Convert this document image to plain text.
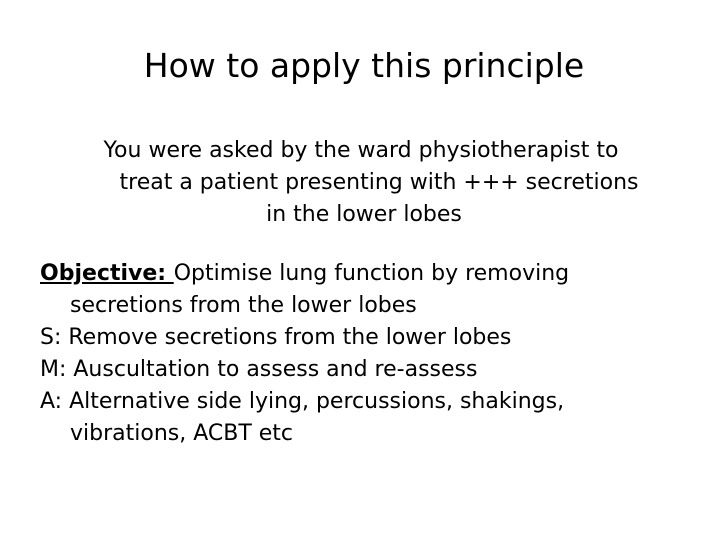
How to apply this principle
You were asked by the ward physiotherapist to
treat a patient presenting with +++ secretions
in the lower lobes
Objective: Optimise lung function by removing
secretions from the lower lobes
S: Remove secretions from the lower lobes
M: Auscultation to assess and re-assess
A: Alternative side lying, percussions, shakings,
vibrations, ACBT etc
